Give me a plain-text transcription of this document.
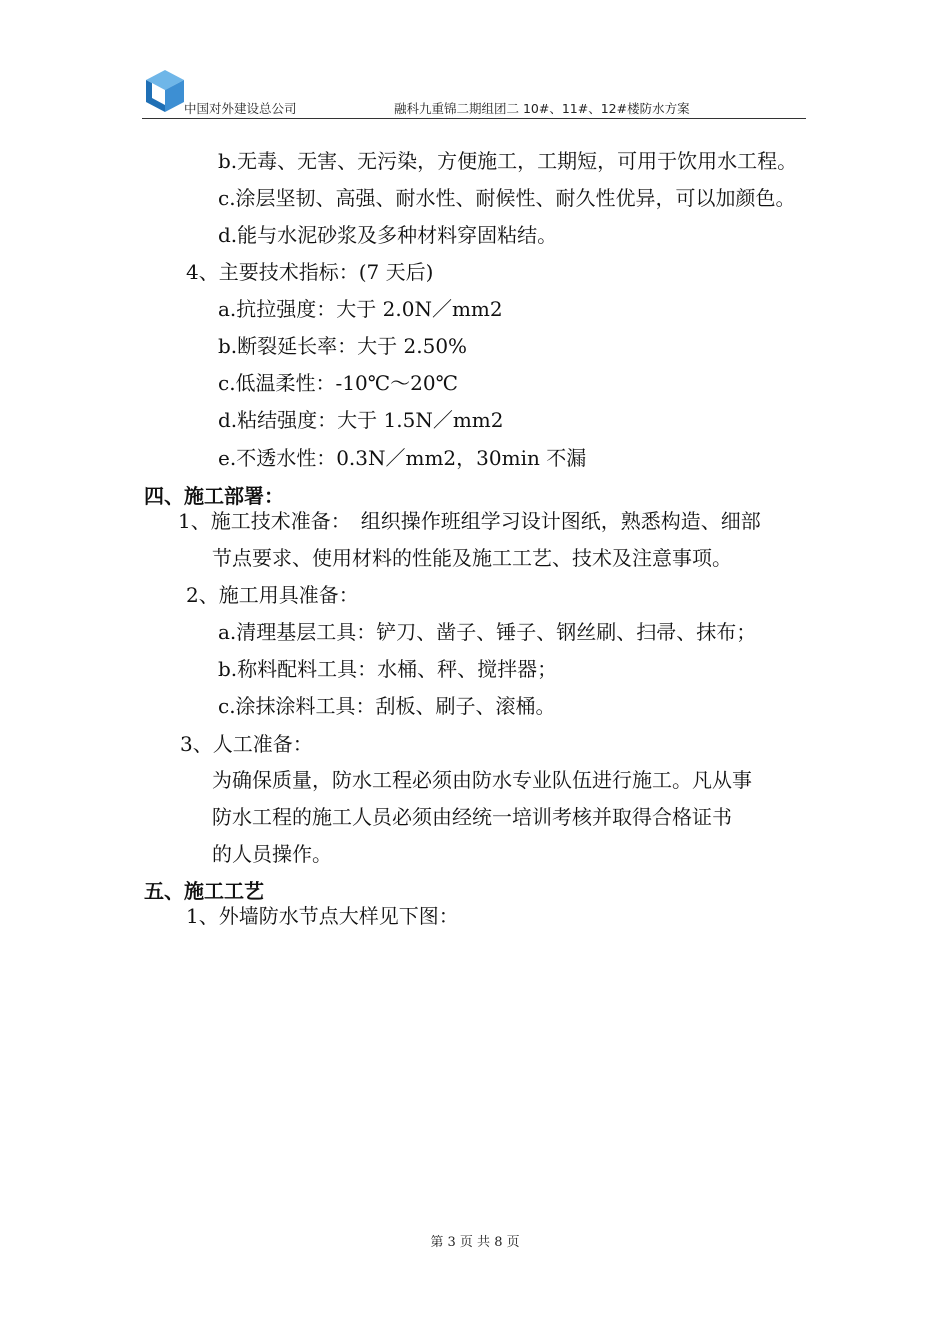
中国对外建设总公司	融科九重锦二期组团二 10#、11#、12#楼防水方案
b.无毒、无害、无污染，方便施工，工期短，可用于饮用水工程。
c.涂层坚韧、高强、耐水性、耐候性、耐久性优异，可以加颜色。
d.能与水泥砂浆及多种材料穿固粘结。
4、主要技术指标：(7 天后)
a.抗拉强度：大于 2.0N／mm2
b.断裂延长率：大于 2.50%
c.低温柔性：-10℃～20℃
d.粘结强度：大于 1.5N／mm2
e.不透水性：0.3N／mm2，30min 不漏
四、施工部署：
1、施工技术准备：　组织操作班组学习设计图纸，熟悉构造、细部
节点要求、使用材料的性能及施工工艺、技术及注意事项。
2、施工用具准备：
a.清理基层工具：铲刀、凿子、锤子、钢丝刷、扫帚、抹布；
b.称料配料工具：水桶、秤、搅拌器；
c.涂抹涂料工具：刮板、刷子、滚桶。
3、人工准备：
为确保质量，防水工程必须由防水专业队伍进行施工。凡从事
防水工程的施工人员必须由经统一培训考核并取得合格证书
的人员操作。
五、施工工艺
1、外墙防水节点大样见下图：
第 3 页 共 8 页
